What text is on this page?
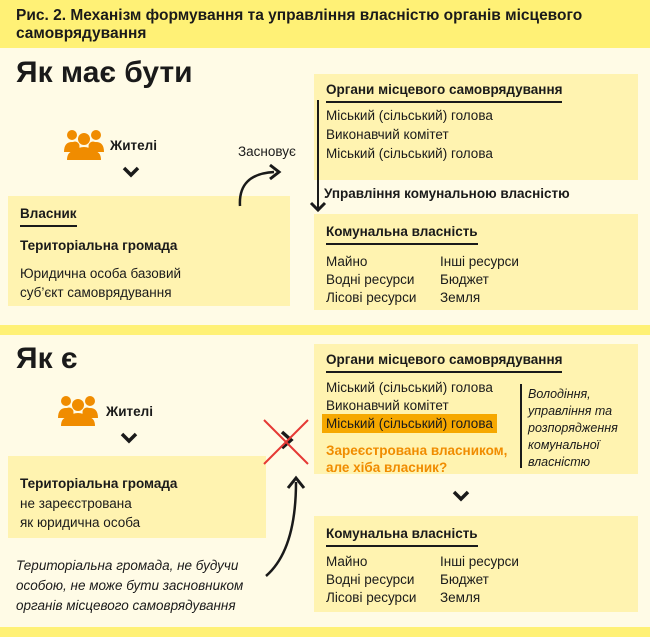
Рис. 2. Механізм формування та управління власністю органів місцевого самоврядування
Як має бути
Жителі
Власник
Територіальна громада
Юридична особа базовий
суб’єкт самоврядування
Засновує
Органи місцевого самоврядування
Міський (сільський) голова
Виконавчий комітет
Міський (сільський) голова
Управління комунальною власністю
Комунальна власність
Майно
Водні ресурси
Лісові ресурси
Інші ресурси
Бюджет
Земля
Як є
Жителі
Територіальна громада
не зареєстрована
як юридична особа
Територіальна громада, не будучи
особою, не може бути засновником
органів місцевого самоврядування
Органи місцевого самоврядування
Міський (сільський) голова
Виконавчий комітет
Міський (сільський) голова
Зареєстрована власником,
але хіба власник?
Володіння,
управління та
розпорядження
комунальної
власністю
Комунальна власність
Майно
Водні ресурси
Лісові ресурси
Інші ресурси
Бюджет
Земля
